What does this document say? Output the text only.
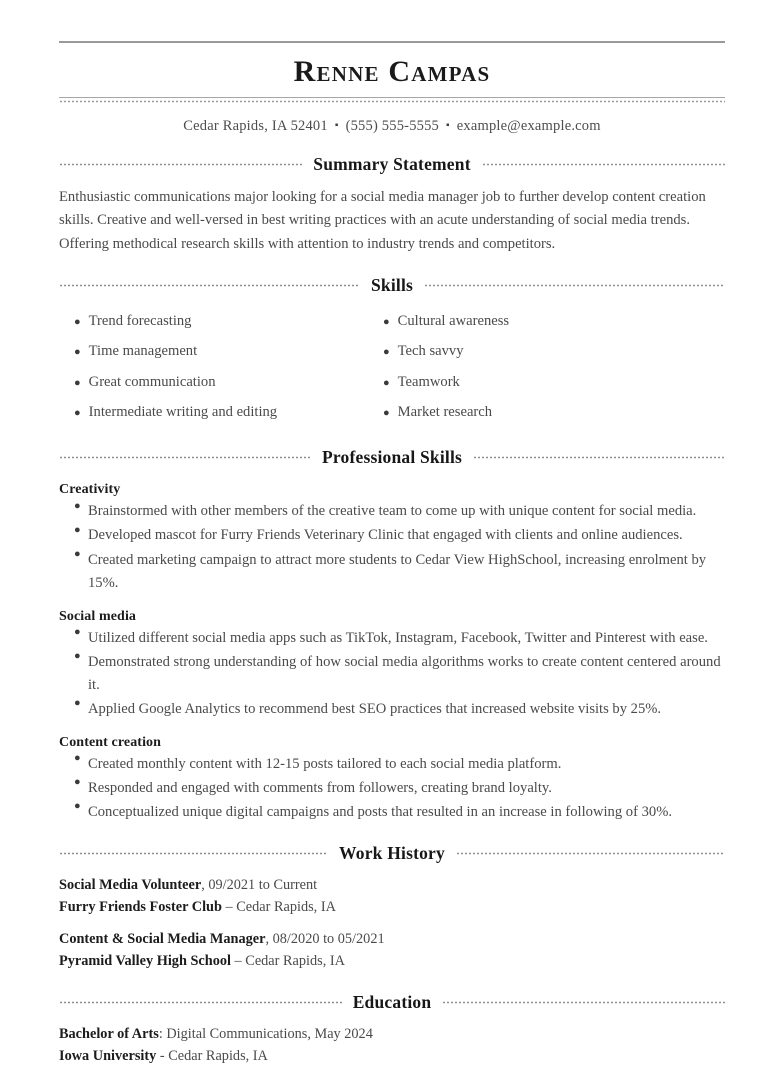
Renne Campas
Cedar Rapids, IA 52401 ▪ (555) 555-5555 ▪ example@example.com
Summary Statement
Enthusiastic communications major looking for a social media manager job to further develop content creation skills. Creative and well-versed in best writing practices with an acute understanding of social media trends. Offering methodical research skills with attention to industry trends and competitors.
Skills
● Trend forecasting	● Cultural awareness
● Time management	● Tech savvy
● Great communication	● Teamwork
● Intermediate writing and editing	● Market research
Professional Skills
Creativity
● Brainstormed with other members of the creative team to come up with unique content for social media.
● Developed mascot for Furry Friends Veterinary Clinic that engaged with clients and online audiences.
● Created marketing campaign to attract more students to Cedar View HighSchool, increasing enrolment by 15%.
Social media
● Utilized different social media apps such as TikTok, Instagram, Facebook, Twitter and Pinterest with ease.
● Demonstrated strong understanding of how social media algorithms works to create content centered around it.
● Applied Google Analytics to recommend best SEO practices that increased website visits by 25%.
Content creation
● Created monthly content with 12-15 posts tailored to each social media platform.
● Responded and engaged with comments from followers, creating brand loyalty.
● Conceptualized unique digital campaigns and posts that resulted in an increase in following of 30%.
Work History
Social Media Volunteer, 09/2021 to Current
Furry Friends Foster Club – Cedar Rapids, IA
Content & Social Media Manager, 08/2020 to 05/2021
Pyramid Valley High School – Cedar Rapids, IA
Education
Bachelor of Arts: Digital Communications, May 2024
Iowa University - Cedar Rapids, IA
